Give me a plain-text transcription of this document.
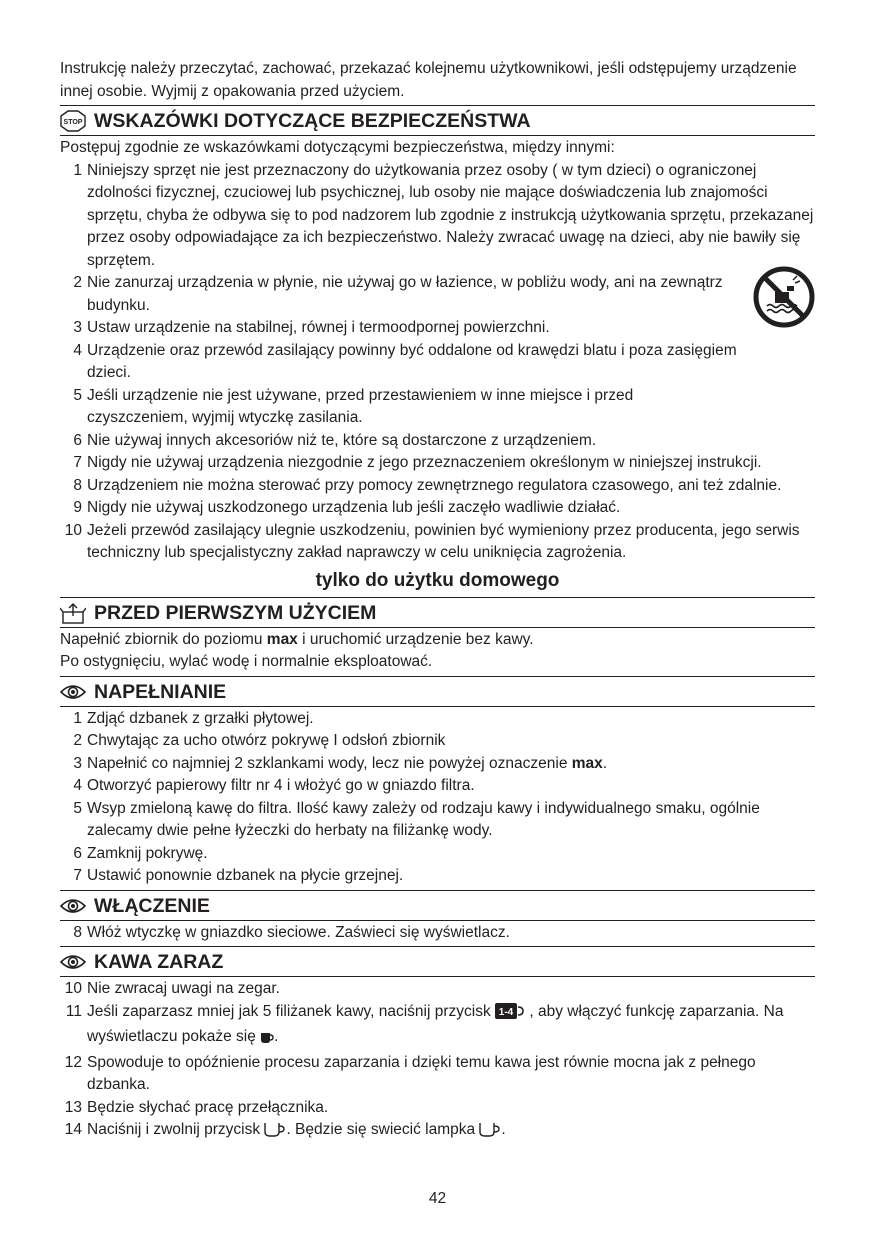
Instrukcję należy przeczytać, zachować, przekazać kolejnemu użytkownikowi, jeśli odstępujemy urządzenie innej osobie. Wyjmij z opakowania przed użyciem.

STOP WSKAZÓWKI DOTYCZĄCE BEZPIECZEŃSTWA

Postępuj zgodnie ze wskazówkami dotyczącymi bezpieczeństwa, między innymi:

1 Niniejszy sprzęt nie jest przeznaczony do użytkowania przez osoby ( w tym dzieci) o ograniczonej zdolności fizycznej, czuciowej lub psychicznej, lub osoby nie mające doświadczenia lub znajomości sprzętu, chyba że odbywa się to pod nadzorem lub zgodnie z instrukcją użytkowania sprzętu, przekazanej przez osoby odpowiadające za ich bezpieczeństwo. Należy zwracać uwagę na dzieci, aby nie bawiły się sprzętem.
2 Nie zanurzaj urządzenia w płynie, nie używaj go w łazience, w pobliżu wody, ani na zewnątrz budynku.
3 Ustaw urządzenie na stabilnej, równej i termoodpornej powierzchni.
4 Urządzenie oraz przewód zasilający powinny być oddalone od krawędzi blatu i poza zasięgiem dzieci.
5 Jeśli urządzenie nie jest używane, przed przestawieniem w inne miejsce i przed czyszczeniem, wyjmij wtyczkę zasilania.
6 Nie używaj innych akcesoriów niż te, które są dostarczone z urządzeniem.
7 Nigdy nie używaj urządzenia niezgodnie z jego przeznaczeniem określonym w niniejszej instrukcji.
8 Urządzeniem nie można sterować przy pomocy zewnętrznego regulatora czasowego, ani też zdalnie.
9 Nigdy nie używaj uszkodzonego urządzenia lub jeśli zaczęło wadliwie działać.
10 Jeżeli przewód zasilający ulegnie uszkodzeniu, powinien być wymieniony przez producenta, jego serwis techniczny lub specjalistyczny zakład naprawczy w celu uniknięcia zagrożenia.
tylko do użytku domowego
PRZED PIERWSZYM UŻYCIEM

Napełnić zbiornik do poziomu max i uruchomić urządzenie bez kawy.

Po ostygnięciu, wylać wodę i normalnie eksploatować.

NAPEŁNIANIE
1 Zdjąć dzbanek z grzałki płytowej.
2 Chwytając za ucho otwórz pokrywę I odsłoń zbiornik
3 Napełnić co najmniej 2 szklankami wody, lecz nie powyżej oznaczenie max.
4 Otworzyć papierowy filtr nr 4 i włożyć go w gniazdo filtra.
5 Wsyp zmieloną kawę do filtra. Ilość kawy zależy od rodzaju kawy i indywidualnego smaku, ogólnie zalecamy dwie pełne łyżeczki do herbaty na filiżankę wody.
6 Zamknij pokrywę.
7 Ustawić ponownie dzbanek na płycie grzejnej.
WŁĄCZENIE
8 Włóż wtyczkę w gniazdko sieciowe. Zaświeci się wyświetlacz.
KAWA ZARAZ
10 Nie zwracaj uwagi na zegar.
11 Jeśli zaparzasz mniej jak 5 filiżanek kawy, naciśnij przycisk 1-4 , aby włączyć funkcję zaparzania. Na wyświetlaczu pokaże się .
12 Spowoduje to opóźnienie procesu zaparzania i dzięki temu kawa jest równie mocna jak z pełnego dzbanka.
13 Będzie słychać pracę przełącznika.
14 Naciśnij i zwolnij przycisk . Będzie się swiecić lampka .
42
